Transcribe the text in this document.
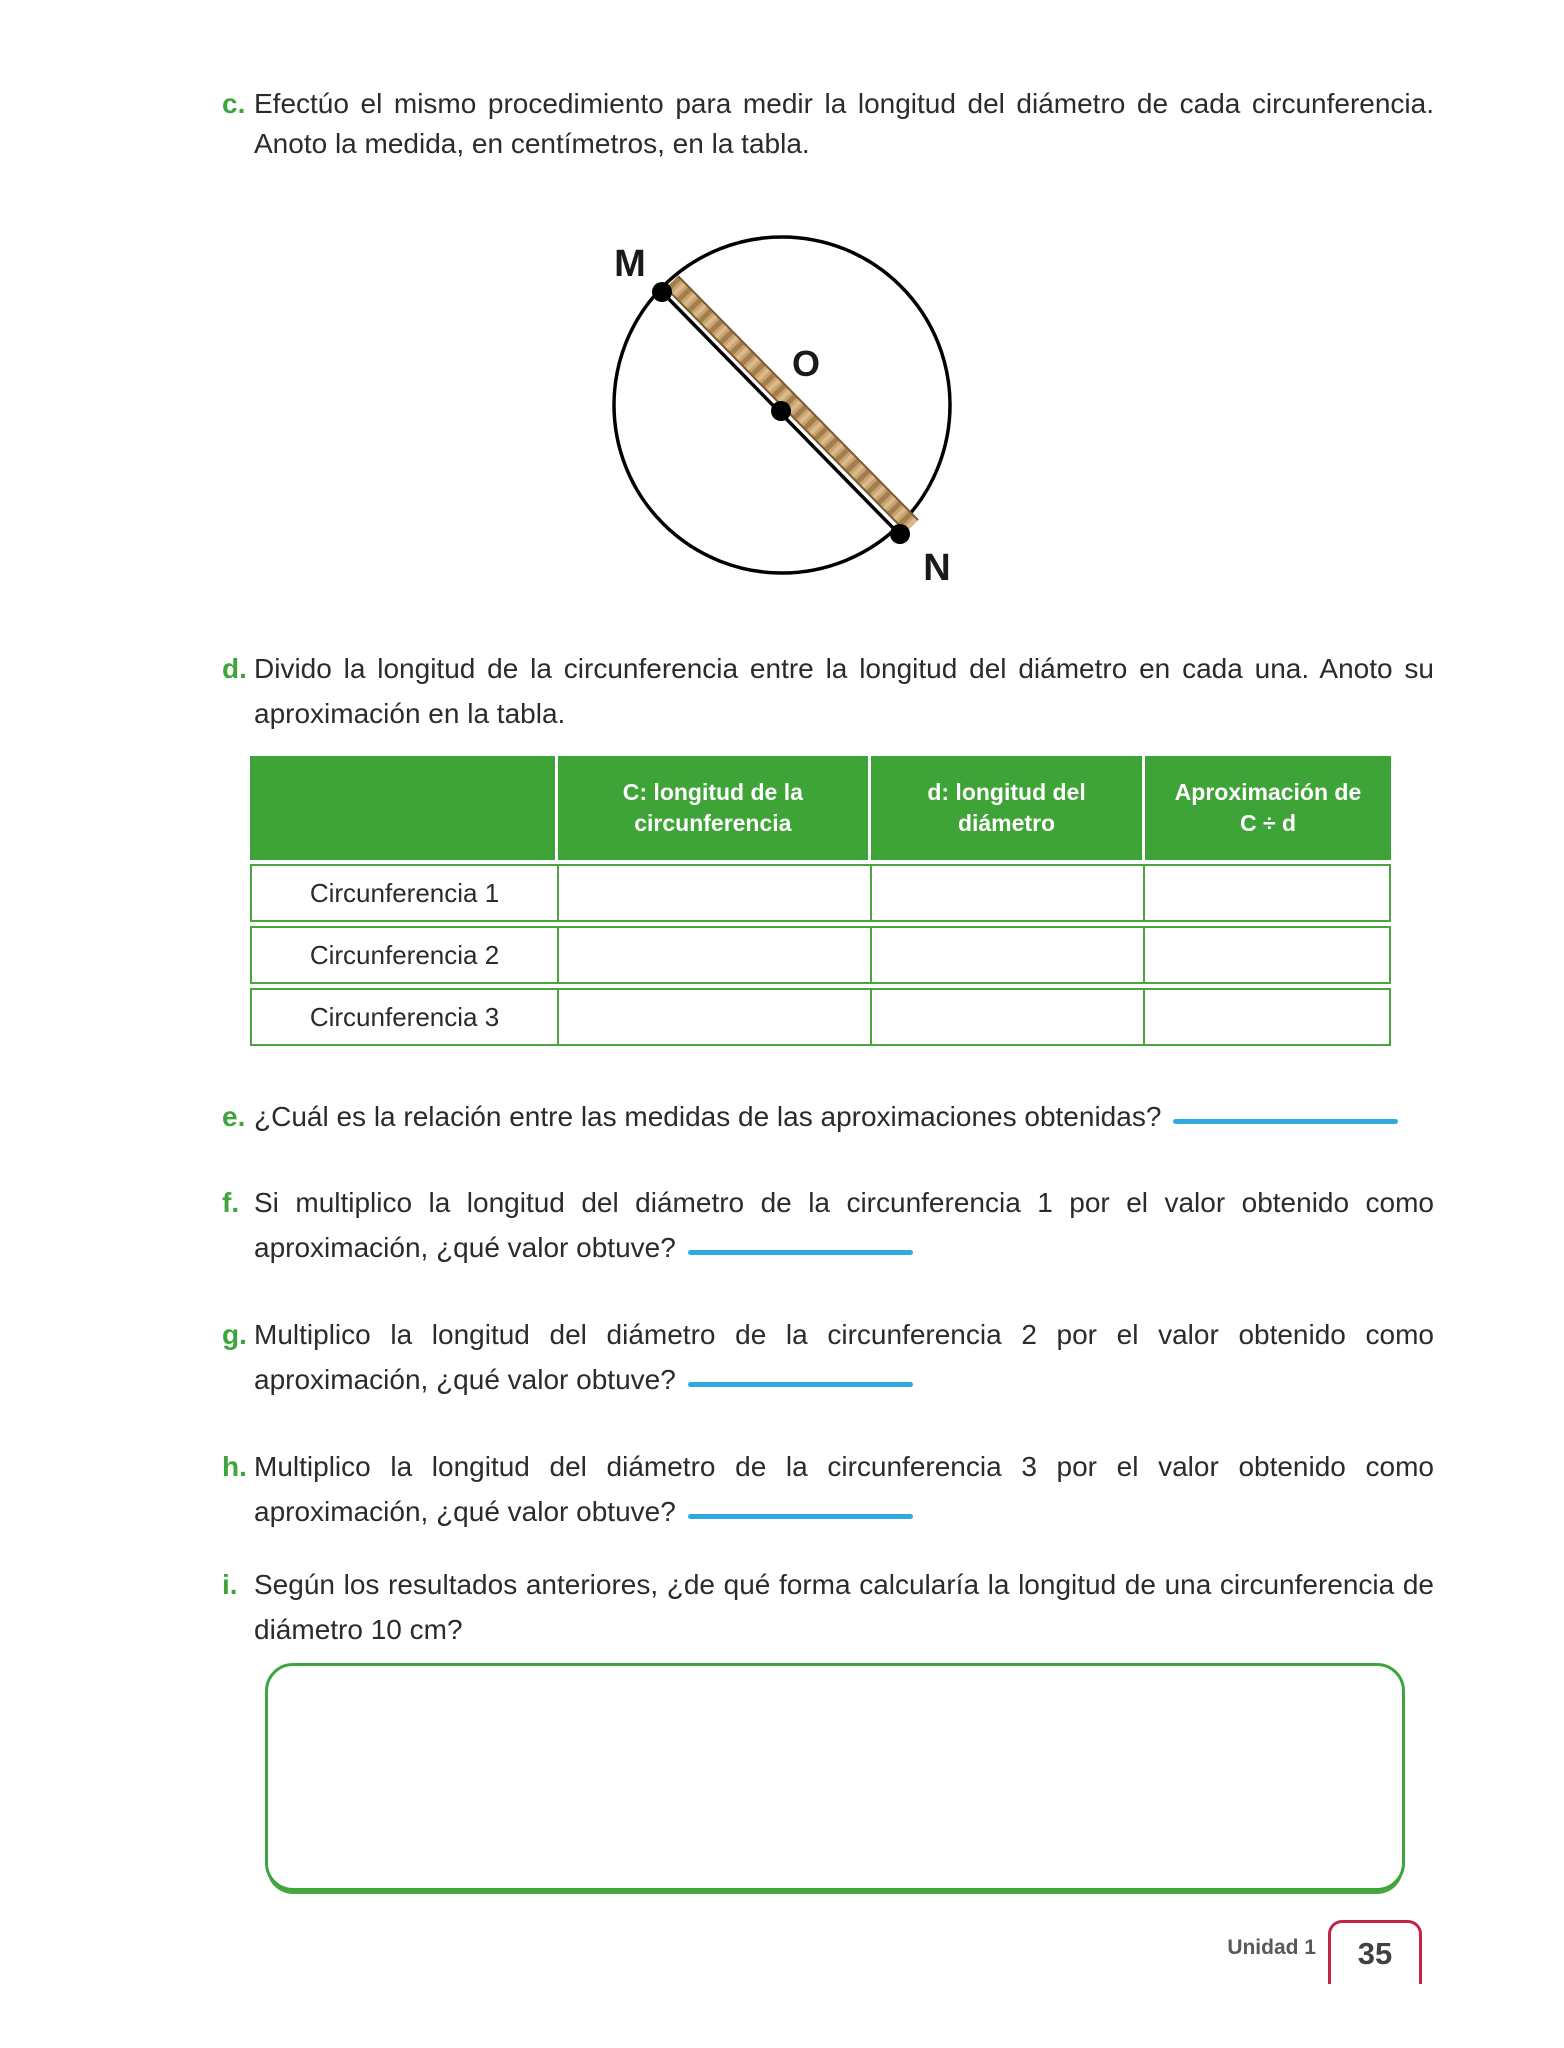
c. Efectúo el mismo procedimiento para medir la longitud del diámetro de cada circunferencia.
Anoto la medida, en centímetros, en la tabla.
M
O
N
d. Divido la longitud de la circunferencia entre la longitud del diámetro en cada una. Anoto su
aproximación en la tabla.
C: longitud de la
circunferencia
d: longitud del
diámetro
Aproximación de
C ÷ d
Circunferencia 1
Circunferencia 2
Circunferencia 3
e. ¿Cuál es la relación entre las medidas de las aproximaciones obtenidas?
f. Si multiplico la longitud del diámetro de la circunferencia 1 por el valor obtenido como
aproximación, ¿qué valor obtuve?
g. Multiplico la longitud del diámetro de la circunferencia 2 por el valor obtenido como
aproximación, ¿qué valor obtuve?
h. Multiplico la longitud del diámetro de la circunferencia 3 por el valor obtenido como
aproximación, ¿qué valor obtuve?
i. Según los resultados anteriores, ¿de qué forma calcularía la longitud de una circunferencia de
diámetro 10 cm?
Unidad 1 35
